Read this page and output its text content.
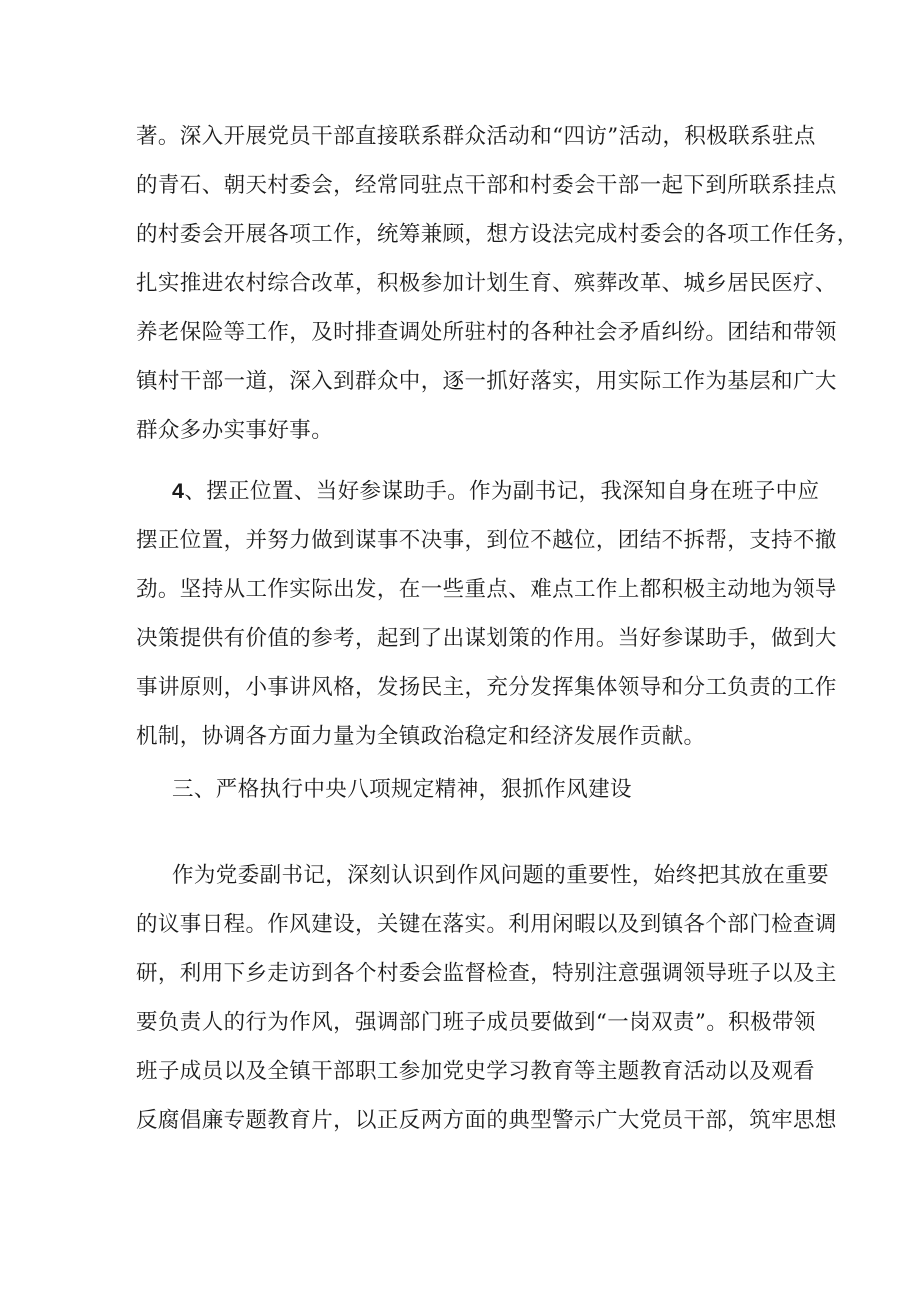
著。深入开展党员干部直接联系群众活动和“四访”活动，积极联系驻点
的青石、朝天村委会，经常同驻点干部和村委会干部一起下到所联系挂点
的村委会开展各项工作，统筹兼顾，想方设法完成村委会的各项工作任务，
扎实推进农村综合改革，积极参加计划生育、殡葬改革、城乡居民医疗、
养老保险等工作，及时排查调处所驻村的各种社会矛盾纠纷。团结和带领
镇村干部一道，深入到群众中，逐一抓好落实，用实际工作为基层和广大
群众多办实事好事。
4、摆正位置、当好参谋助手。作为副书记，我深知自身在班子中应
摆正位置，并努力做到谋事不决事，到位不越位，团结不拆帮，支持不撤
劲。坚持从工作实际出发，在一些重点、难点工作上都积极主动地为领导
决策提供有价值的参考，起到了出谋划策的作用。当好参谋助手，做到大
事讲原则，小事讲风格，发扬民主，充分发挥集体领导和分工负责的工作
机制，协调各方面力量为全镇政治稳定和经济发展作贡献。
三、严格执行中央八项规定精神，狠抓作风建设
作为党委副书记，深刻认识到作风问题的重要性，始终把其放在重要
的议事日程。作风建设，关键在落实。利用闲暇以及到镇各个部门检查调
研，利用下乡走访到各个村委会监督检查，特别注意强调领导班子以及主
要负责人的行为作风，强调部门班子成员要做到“一岗双责”。积极带领
班子成员以及全镇干部职工参加党史学习教育等主题教育活动以及观看
反腐倡廉专题教育片，以正反两方面的典型警示广大党员干部，筑牢思想
